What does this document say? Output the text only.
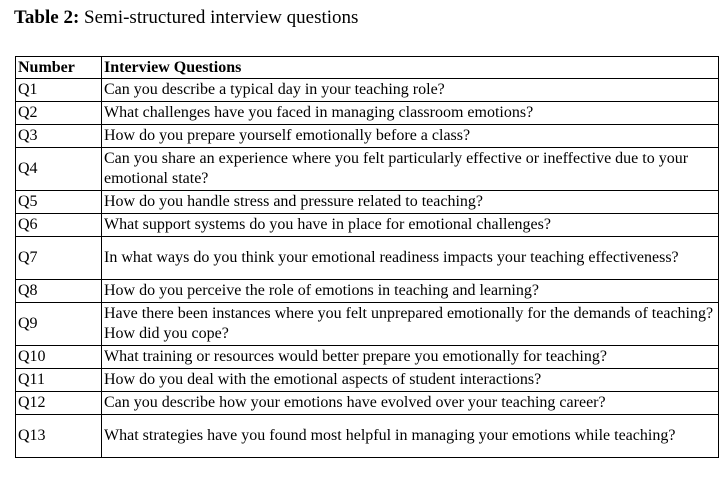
Table 2: Semi-structured interview questions
Number	Interview Questions
Q1	Can you describe a typical day in your teaching role?
Q2	What challenges have you faced in managing classroom emotions?
Q3	How do you prepare yourself emotionally before a class?
Q4	Can you share an experience where you felt particularly effective or ineffective due to your emotional state?
Q5	How do you handle stress and pressure related to teaching?
Q6	What support systems do you have in place for emotional challenges?
Q7	In what ways do you think your emotional readiness impacts your teaching effectiveness?
Q8	How do you perceive the role of emotions in teaching and learning?
Q9	Have there been instances where you felt unprepared emotionally for the demands of teaching? How did you cope?
Q10	What training or resources would better prepare you emotionally for teaching?
Q11	How do you deal with the emotional aspects of student interactions?
Q12	Can you describe how your emotions have evolved over your teaching career?
Q13	What strategies have you found most helpful in managing your emotions while teaching?
